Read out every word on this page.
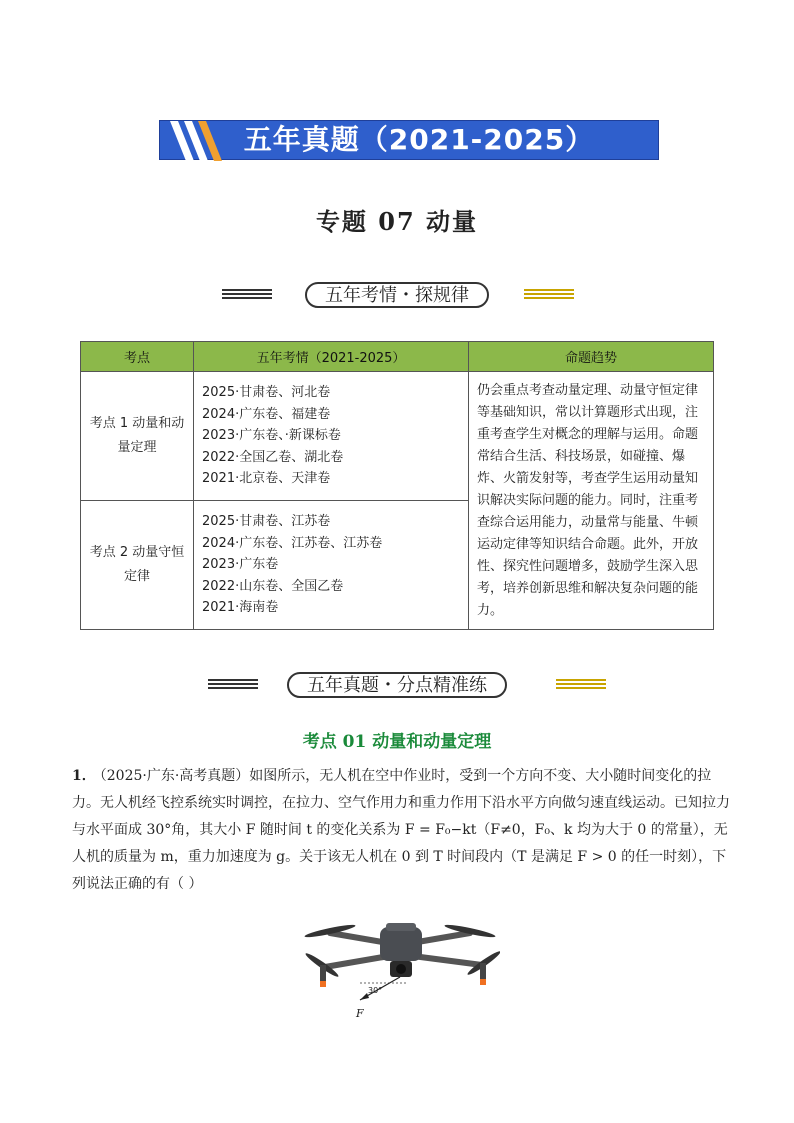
五年真题（2021-2025）
专题 07 动量
五年考情・探规律
考点	五年考情（2021-2025）	命题趋势
考点 1 动量和动量定理	2025·甘肃卷、河北卷
2024·广东卷、福建卷
2023·广东卷、·新课标卷
2022·全国乙卷、湖北卷
2021·北京卷、天津卷	仍会重点考查动量定理、动量守恒定律等基础知识，常以计算题形式出现，注重考查学生对概念的理解与运用。命题常结合生活、科技场景，如碰撞、爆炸、火箭发射等，考查学生运用动量知识解决实际问题的能力。同时，注重考查综合运用能力，动量常与能量、牛顿运动定律等知识结合命题。此外，开放性、探究性问题增多，鼓励学生深入思考，培养创新思维和解决复杂问题的能力。
考点 2 动量守恒定律	2025·甘肃卷、江苏卷
2024·广东卷、江苏卷、江苏卷
2023·广东卷
2022·山东卷、全国乙卷
2021·海南卷	
五年真题・分点精准练
考点 01 动量和动量定理
1． （2025·广东·高考真题）如图所示，无人机在空中作业时，受到一个方向不变、大小随时间变化的拉力。无人机经飞控系统实时调控，在拉力、空气作用力和重力作用下沿水平方向做匀速直线运动。已知拉力与水平面成 30°角，其大小 F 随时间 t 的变化关系为 F = F₀−kt（F≠0，F₀、k 均为大于 0 的常量），无人机的质量为 m，重力加速度为 g。关于该无人机在 0 到 T 时间段内（T 是满足 F > 0 的任一时刻），下列说法正确的有（ ）
30°
F
